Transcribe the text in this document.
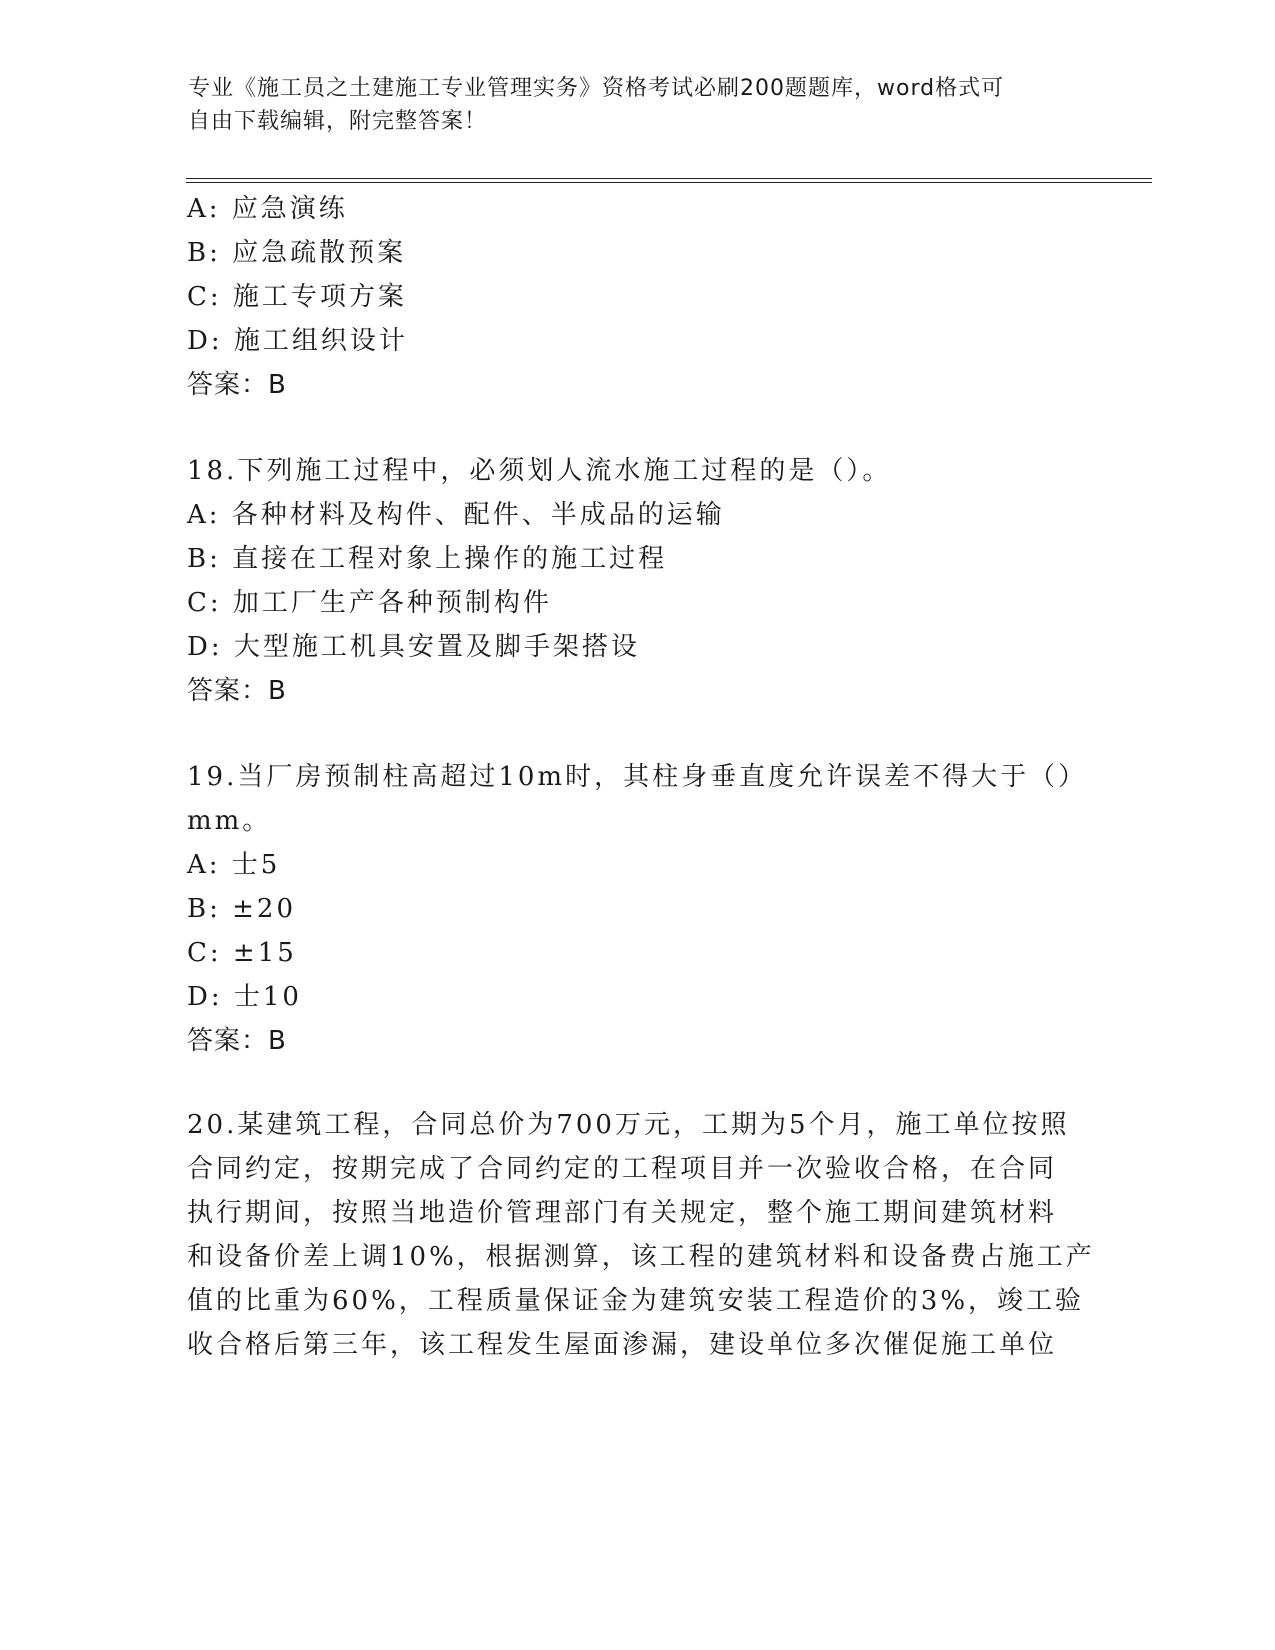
专业《施工员之土建施工专业管理实务》资格考试必刷200题题库，word格式可
自由下载编辑，附完整答案！
A: 应急演练
B: 应急疏散预案
C: 施工专项方案
D: 施工组织设计
答案：B
18.下列施工过程中，必须划人流水施工过程的是（）。
A: 各种材料及构件、配件、半成品的运输
B: 直接在工程对象上操作的施工过程
C: 加工厂生产各种预制构件
D: 大型施工机具安置及脚手架搭设
答案：B
19.当厂房预制柱高超过10m时，其柱身垂直度允许误差不得大于（）
mm。
A: 士5
B: ±20
C: ±15
D: 士10
答案：B
20.某建筑工程，合同总价为700万元，工期为5个月，施工单位按照
合同约定，按期完成了合同约定的工程项目并一次验收合格，在合同
执行期间，按照当地造价管理部门有关规定，整个施工期间建筑材料
和设备价差上调10%，根据测算，该工程的建筑材料和设备费占施工产
值的比重为60%，工程质量保证金为建筑安装工程造价的3%，竣工验
收合格后第三年，该工程发生屋面渗漏，建设单位多次催促施工单位
